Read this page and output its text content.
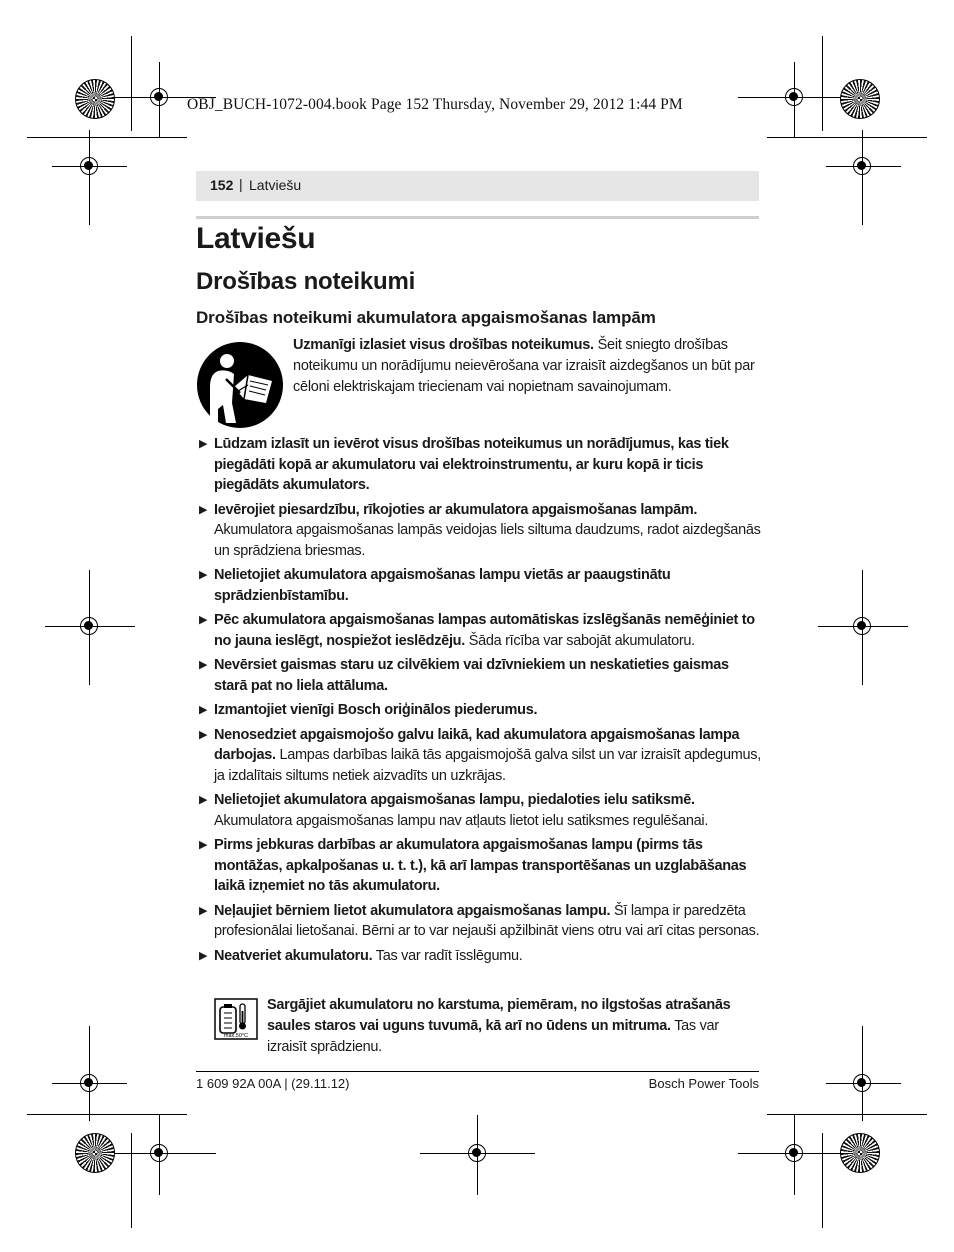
OBJ_BUCH-1072-004.book Page 152 Thursday, November 29, 2012 1:44 PM
152 | Latviešu
Latviešu
Drošības noteikumi
Drošības noteikumi akumulatora apgaismošanas lampām
Uzmanīgi izlasiet visus drošības noteikumus. Šeit sniegto drošības noteikumu un norādījumu neievērošana var izraisīt aizdegšanos un būt par cēloni elektriskajam triecienam vai nopietnam savainojumam.
▶ Lūdzam izlasīt un ievērot visus drošības noteikumus un norādījumus, kas tiek piegādāti kopā ar akumulatoru vai elektroinstrumentu, ar kuru kopā ir ticis piegādāts akumulators.
▶ Ievērojiet piesardzību, rīkojoties ar akumulatora apgaismošanas lampām. Akumulatora apgaismošanas lampās veidojas liels siltuma daudzums, radot aizdegšanās un sprādziena briesmas.
▶ Nelietojiet akumulatora apgaismošanas lampu vietās ar paaugstinātu sprādzienbīstamību.
▶ Pēc akumulatora apgaismošanas lampas automātiskas izslēgšanās nemēģiniet to no jauna ieslēgt, nospiežot ieslēdzēju. Šāda rīcība var sabojāt akumulatoru.
▶ Nevērsiet gaismas staru uz cilvēkiem vai dzīvniekiem un neskatieties gaismas starā pat no liela attāluma.
▶ Izmantojiet vienīgi Bosch oriģinālos piederumus.
▶ Nenosedziet apgaismojošo galvu laikā, kad akumulatora apgaismošanas lampa darbojas. Lampas darbības laikā tās apgaismojošā galva silst un var izraisīt apdegumus, ja izdalītais siltums netiek aizvadīts un uzkrājas.
▶ Nelietojiet akumulatora apgaismošanas lampu, piedaloties ielu satiksmē. Akumulatora apgaismošanas lampu nav atļauts lietot ielu satiksmes regulēšanai.
▶ Pirms jebkuras darbības ar akumulatora apgaismošanas lampu (pirms tās montāžas, apkalpošanas u. t. t.), kā arī lampas transportēšanas un uzglabāšanas laikā izņemiet no tās akumulatoru.
▶ Neļaujiet bērniem lietot akumulatora apgaismošanas lampu. Šī lampa ir paredzēta profesionālai lietošanai. Bērni ar to var nejauši apžilbināt viens otru vai arī citas personas.
▶ Neatveriet akumulatoru. Tas var radīt īsslēgumu.
max.50°C
Sargājiet akumulatoru no karstuma, piemēram, no ilgstošas atrašanās saules staros vai uguns tuvumā, kā arī no ūdens un mitruma. Tas var izraisīt sprādzienu.
1 609 92A 00A | (29.11.12)	Bosch Power Tools
